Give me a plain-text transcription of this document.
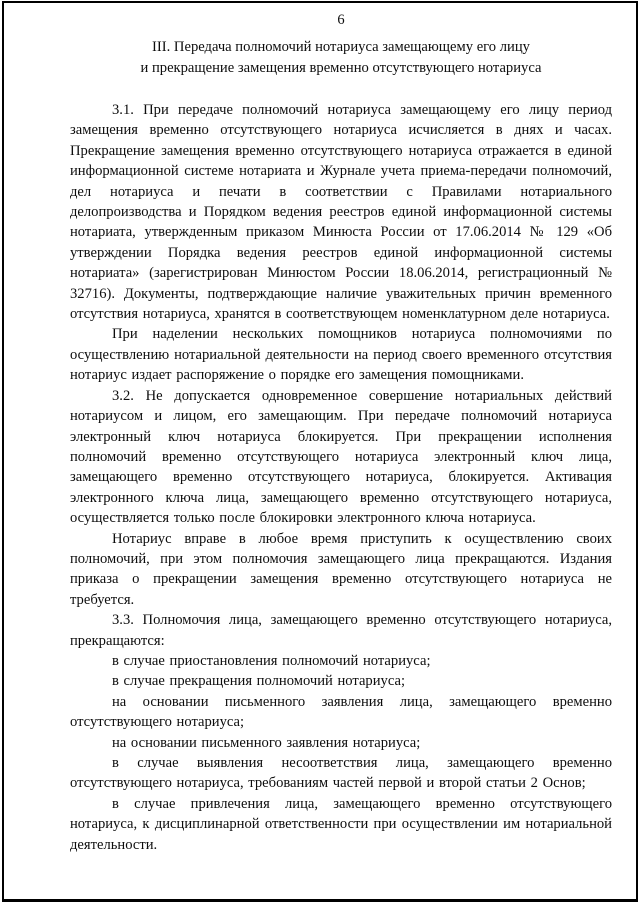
6
III. Передача полномочий нотариуса замещающему его лицу
и прекращение замещения временно отсутствующего нотариуса

3.1. При передаче полномочий нотариуса замещающему его лицу период замещения временно отсутствующего нотариуса исчисляется в днях и часах. Прекращение замещения временно отсутствующего нотариуса отражается в единой информационной системе нотариата и Журнале учета приема-передачи полномочий, дел нотариуса и печати в соответствии с Правилами нотариального делопроизводства и Порядком ведения реестров единой информационной системы нотариата, утвержденным приказом Минюста России от 17.06.2014 № 129 «Об утверждении Порядка ведения реестров единой информационной системы нотариата» (зарегистрирован Минюстом России 18.06.2014, регистрационный № 32716). Документы, подтверждающие наличие уважительных причин временного отсутствия нотариуса, хранятся в соответствующем номенклатурном деле нотариуса.

При наделении нескольких помощников нотариуса полномочиями по осуществлению нотариальной деятельности на период своего временного отсутствия нотариус издает распоряжение о порядке его замещения помощниками.

3.2. Не допускается одновременное совершение нотариальных действий нотариусом и лицом, его замещающим. При передаче полномочий нотариуса электронный ключ нотариуса блокируется. При прекращении исполнения полномочий временно отсутствующего нотариуса электронный ключ лица, замещающего временно отсутствующего нотариуса, блокируется. Активация электронного ключа лица, замещающего временно отсутствующего нотариуса, осуществляется только после блокировки электронного ключа нотариуса.

Нотариус вправе в любое время приступить к осуществлению своих полномочий, при этом полномочия замещающего лица прекращаются. Издания приказа о прекращении замещения временно отсутствующего нотариуса не требуется.

3.3. Полномочия лица, замещающего временно отсутствующего нотариуса, прекращаются:

в случае приостановления полномочий нотариуса;

в случае прекращения полномочий нотариуса;

на основании письменного заявления лица, замещающего временно отсутствующего нотариуса;

на основании письменного заявления нотариуса;

в случае выявления несоответствия лица, замещающего временно отсутствующего нотариуса, требованиям частей первой и второй статьи 2 Основ;

в случае привлечения лица, замещающего временно отсутствующего нотариуса, к дисциплинарной ответственности при осуществлении им нотариальной деятельности.
